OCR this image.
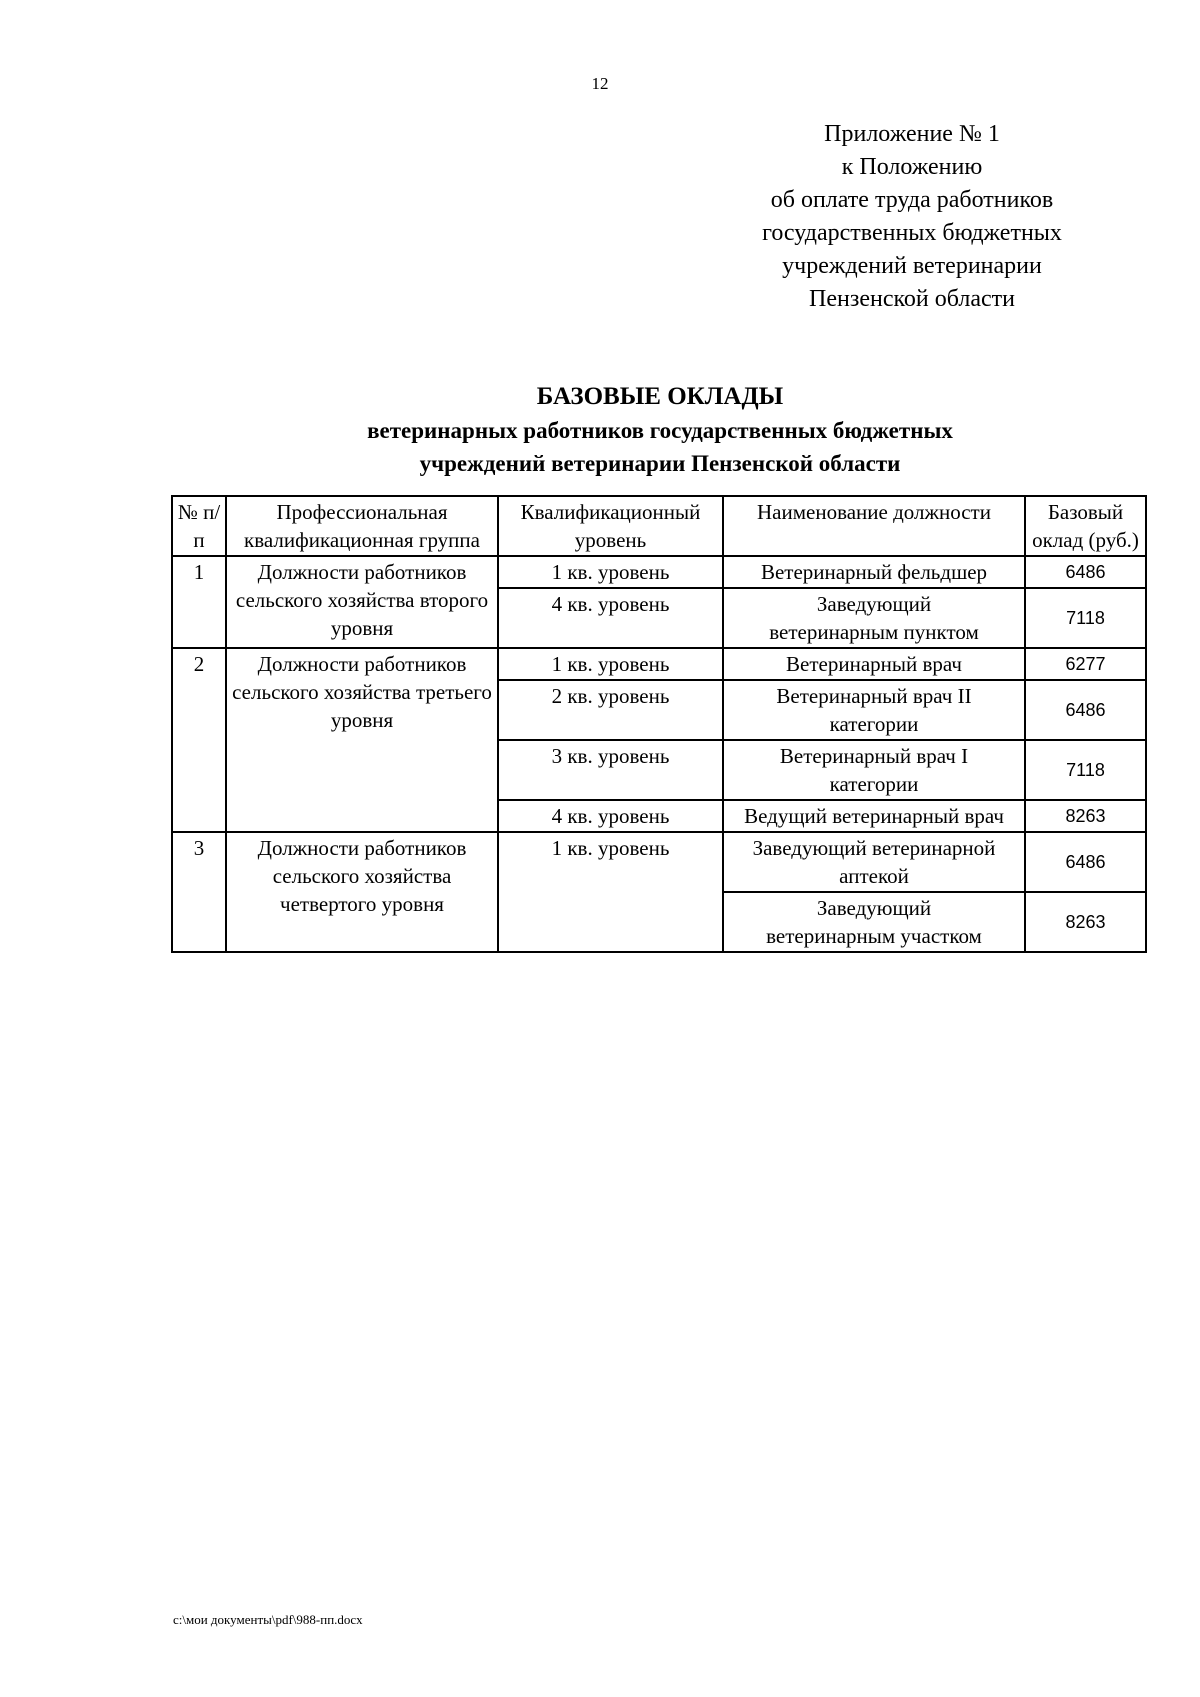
12
Приложение № 1
к Положению
об оплате труда работников
государственных бюджетных
учреждений ветеринарии
Пензенской области
БАЗОВЫЕ ОКЛАДЫ
ветеринарных работников государственных бюджетных
учреждений ветеринарии Пензенской области
№ п/п	Профессиональная квалификационная группа	Квалификационный уровень	Наименование должности	Базовый оклад (руб.)
1	Должности работников сельского хозяйства второго уровня	1 кв. уровень	Ветеринарный фельдшер	6486
		4 кв. уровень	Заведующий ветеринарным пунктом	7118
2	Должности работников сельского хозяйства третьего уровня	1 кв. уровень	Ветеринарный врач	6277
		2 кв. уровень	Ветеринарный врач II категории	6486
		3 кв. уровень	Ветеринарный врач I категории	7118
		4 кв. уровень	Ведущий ветеринарный врач	8263
3	Должности работников сельского хозяйства четвертого уровня	1 кв. уровень	Заведующий ветеринарной аптекой	6486
			Заведующий ветеринарным участком	8263
c:\мои документы\pdf\988-пп.docx
